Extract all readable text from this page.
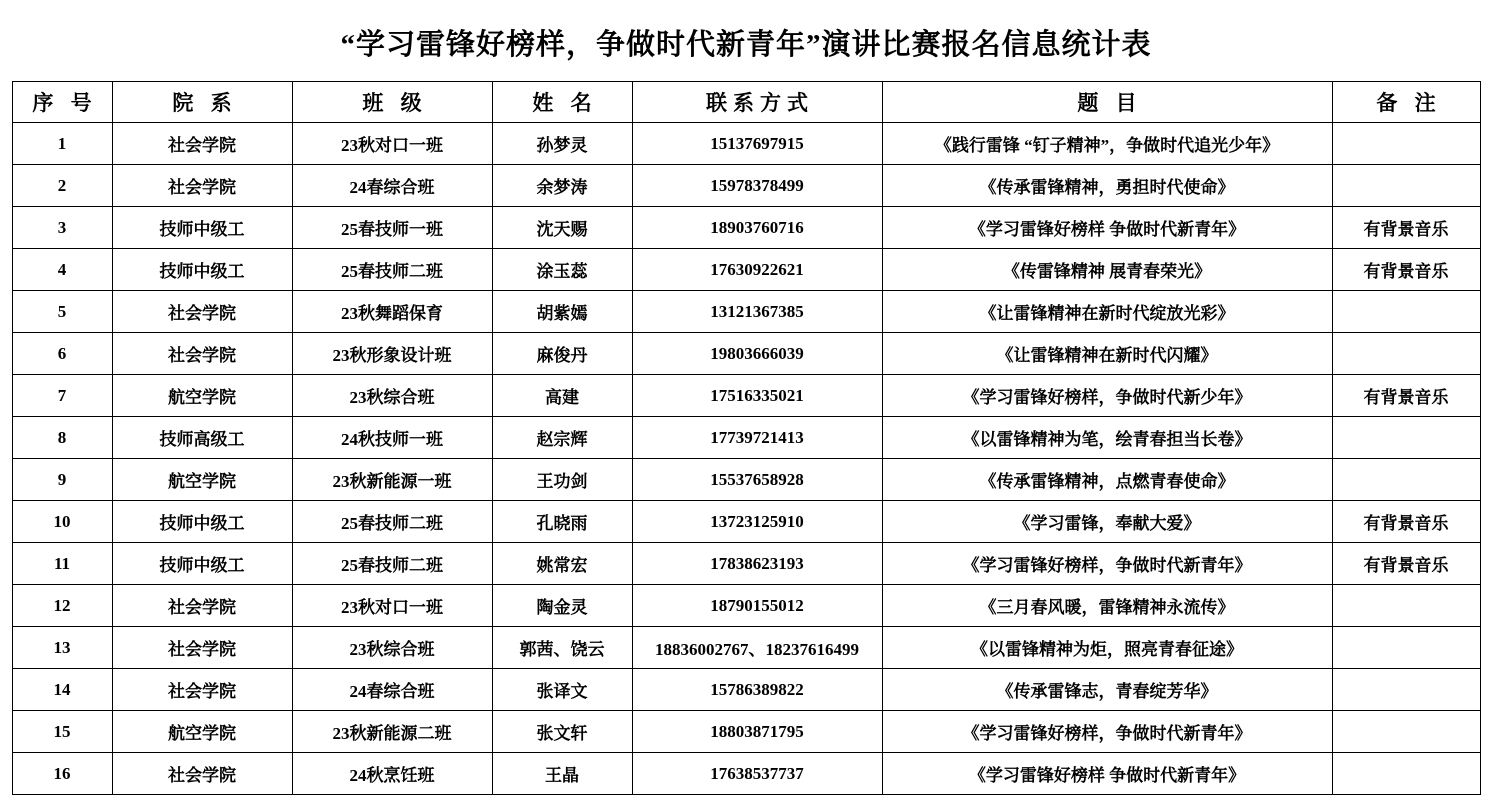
“学习雷锋好榜样，争做时代新青年”演讲比赛报名信息统计表
序 号	院 系	班 级	姓 名	联系方式	题 目	备 注
1	社会学院	23秋对口一班	孙梦灵	15137697915	《践行雷锋 “钉子精神”，争做时代追光少年》	
2	社会学院	24春综合班	余梦涛	15978378499	《传承雷锋精神，勇担时代使命》	
3	技师中级工	25春技师一班	沈天赐	18903760716	《学习雷锋好榜样 争做时代新青年》	有背景音乐
4	技师中级工	25春技师二班	涂玉蕊	17630922621	《传雷锋精神 展青春荣光》	有背景音乐
5	社会学院	23秋舞蹈保育	胡紫嫣	13121367385	《让雷锋精神在新时代绽放光彩》	
6	社会学院	23秋形象设计班	麻俊丹	19803666039	《让雷锋精神在新时代闪耀》	
7	航空学院	23秋综合班	高建	17516335021	《学习雷锋好榜样，争做时代新少年》	有背景音乐
8	技师高级工	24秋技师一班	赵宗辉	17739721413	《以雷锋精神为笔，绘青春担当长卷》	
9	航空学院	23秋新能源一班	王功剑	15537658928	《传承雷锋精神，点燃青春使命》	
10	技师中级工	25春技师二班	孔晓雨	13723125910	《学习雷锋，奉献大爱》	有背景音乐
11	技师中级工	25春技师二班	姚常宏	17838623193	《学习雷锋好榜样，争做时代新青年》	有背景音乐
12	社会学院	23秋对口一班	陶金灵	18790155012	《三月春风暖，雷锋精神永流传》	
13	社会学院	23秋综合班	郭茜、饶云	18836002767、18237616499	《以雷锋精神为炬，照亮青春征途》	
14	社会学院	24春综合班	张译文	15786389822	《传承雷锋志，青春绽芳华》	
15	航空学院	23秋新能源二班	张文轩	18803871795	《学习雷锋好榜样，争做时代新青年》	
16	社会学院	24秋烹饪班	王晶	17638537737	《学习雷锋好榜样 争做时代新青年》	
